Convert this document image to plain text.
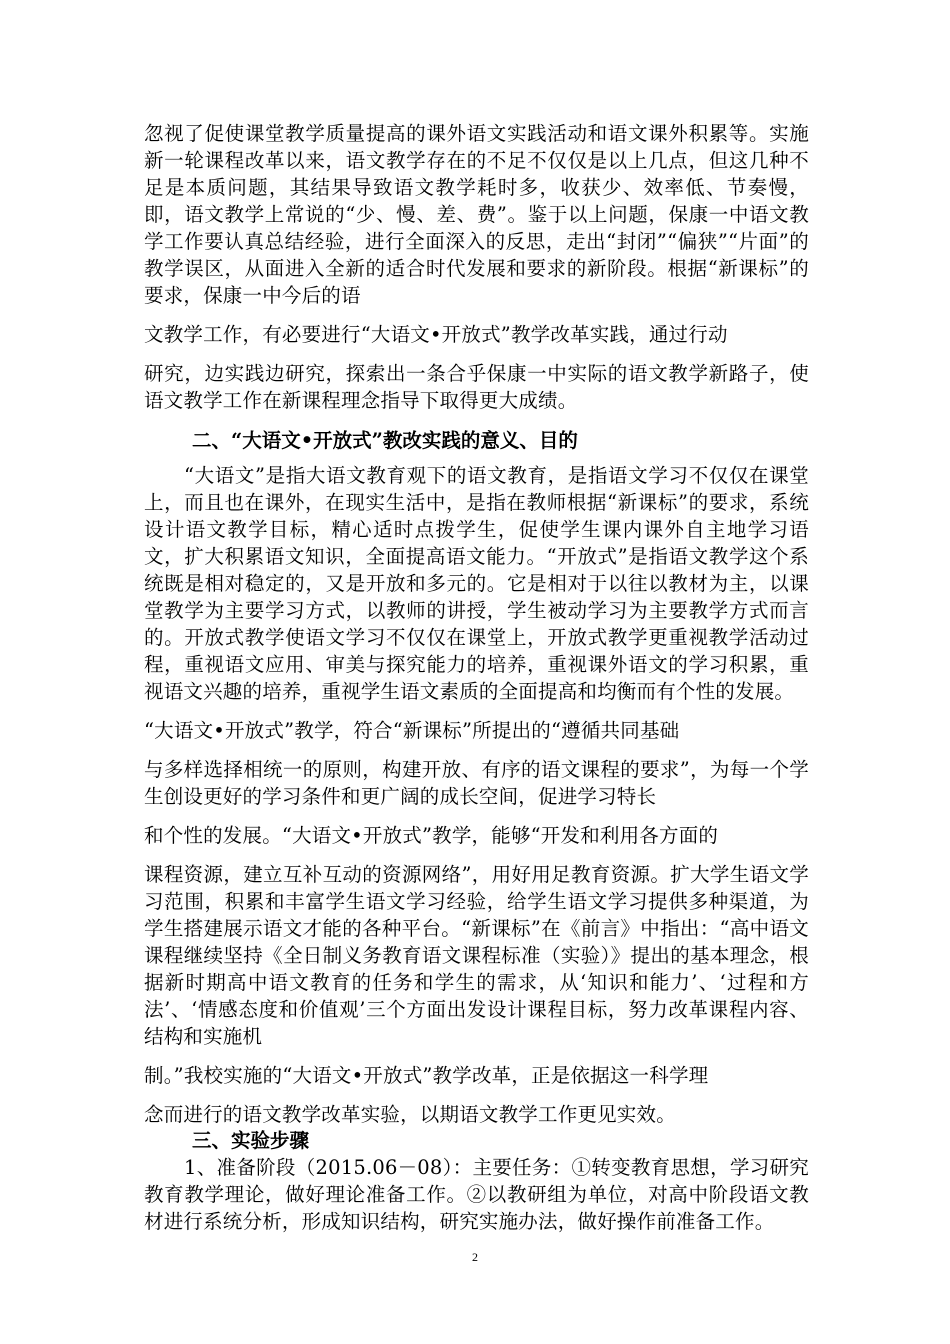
忽视了促使课堂教学质量提高的课外语文实践活动和语文课外积累等。实施新一轮课程改革以来，语文教学存在的不足不仅仅是以上几点，但这几种不足是本质问题，其结果导致语文教学耗时多，收获少、效率低、节奏慢，即，语文教学上常说的“少、慢、差、费”。鉴于以上问题，保康一中语文教学工作要认真总结经验，进行全面深入的反思，走出“封闭”“偏狭”“片面”的教学误区，从面进入全新的适合时代发展和要求的新阶段。根据“新课标”的要求，保康一中今后的语

文教学工作，有必要进行“大语文•开放式”教学改革实践，通过行动

研究，边实践边研究，探索出一条合乎保康一中实际的语文教学新路子，使语文教学工作在新课程理念指导下取得更大成绩。

二、“大语文•开放式”教改实践的意义、目的

“大语文”是指大语文教育观下的语文教育，是指语文学习不仅仅在课堂上，而且也在课外，在现实生活中，是指在教师根据“新课标”的要求，系统设计语文教学目标，精心适时点拨学生，促使学生课内课外自主地学习语文，扩大积累语文知识，全面提高语文能力。“开放式”是指语文教学这个系统既是相对稳定的，又是开放和多元的。它是相对于以往以教材为主，以课堂教学为主要学习方式，以教师的讲授，学生被动学习为主要教学方式而言的。开放式教学使语文学习不仅仅在课堂上，开放式教学更重视教学活动过程，重视语文应用、审美与探究能力的培养，重视课外语文的学习积累，重视语文兴趣的培养，重视学生语文素质的全面提高和均衡而有个性的发展。

“大语文•开放式”教学，符合“新课标”所提出的“遵循共同基础

与多样选择相统一的原则，构建开放、有序的语文课程的要求”，为每一个学生创设更好的学习条件和更广阔的成长空间，促进学习特长

和个性的发展。“大语文•开放式”教学，能够“开发和利用各方面的

课程资源，建立互补互动的资源网络”，用好用足教育资源。扩大学生语文学习范围，积累和丰富学生语文学习经验，给学生语文学习提供多种渠道，为学生搭建展示语文才能的各种平台。“新课标”在《前言》中指出：“高中语文课程继续坚持《全日制义务教育语文课程标准（实验）》提出的基本理念，根据新时期高中语文教育的任务和学生的需求，从‘知识和能力’、‘过程和方法’、‘情感态度和价值观’三个方面出发设计课程目标，努力改革课程内容、结构和实施机

制。”我校实施的“大语文•开放式”教学改革，正是依据这一科学理

念而进行的语文教学改革实验，以期语文教学工作更见实效。

三、实验步骤

1、准备阶段（2015.06－08）：主要任务：①转变教育思想，学习研究教育教学理论，做好理论准备工作。②以教研组为单位，对高中阶段语文教材进行系统分析，形成知识结构，研究实施办法，做好操作前准备工作。

2
